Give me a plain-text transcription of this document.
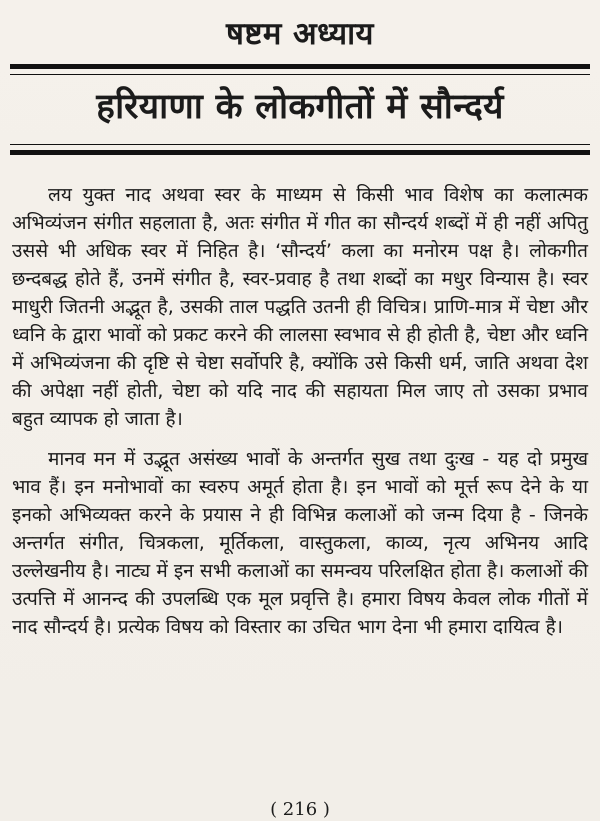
षष्टम अध्याय
हरियाणा के लोकगीतों में सौन्दर्य

लय युक्त नाद अथवा स्वर के माध्यम से किसी भाव विशेष का कलात्मक अभिव्यंजन संगीत सहलाता है, अतः संगीत में गीत का सौन्दर्य शब्दों में ही नहीं अपितु उससे भी अधिक स्वर में निहित है। ‘सौन्दर्य’ कला का मनोरम पक्ष है। लोकगीत छन्दबद्ध होते हैं, उनमें संगीत है, स्वर-प्रवाह है तथा शब्दों का मधुर विन्यास है। स्वर माधुरी जितनी अद्भूत है, उसकी ताल पद्धति उतनी ही विचित्र। प्राणि-मात्र में चेष्टा और ध्वनि के द्वारा भावों को प्रकट करने की लालसा स्वभाव से ही होती है, चेष्टा और ध्वनि में अभिव्यंजना की दृष्टि से चेष्टा सर्वोपरि है, क्योंकि उसे किसी धर्म, जाति अथवा देश की अपेक्षा नहीं होती, चेष्टा को यदि नाद की सहायता मिल जाए तो उसका प्रभाव बहुत व्यापक हो जाता है।

मानव मन में उद्भूत असंख्य भावों के अन्तर्गत सुख तथा दुःख - यह दो प्रमुख भाव हैं। इन मनोभावों का स्वरुप अमूर्त होता है। इन भावों को मूर्त्त रूप देने के या इनको अभिव्यक्त करने के प्रयास ने ही विभिन्न कलाओं को जन्म दिया है - जिनके अन्तर्गत संगीत, चित्रकला, मूर्तिकला, वास्तुकला, काव्य, नृत्य अभिनय आदि उल्लेखनीय है। नाट्य में इन सभी कलाओं का समन्वय परिलक्षित होता है। कलाओं की उत्पत्ति में आनन्द की उपलब्धि एक मूल प्रवृत्ति है। हमारा विषय केवल लोक गीतों में नाद सौन्दर्य है। प्रत्येक विषय को विस्तार का उचित भाग देना भी हमारा दायित्व है।

( 216 )
